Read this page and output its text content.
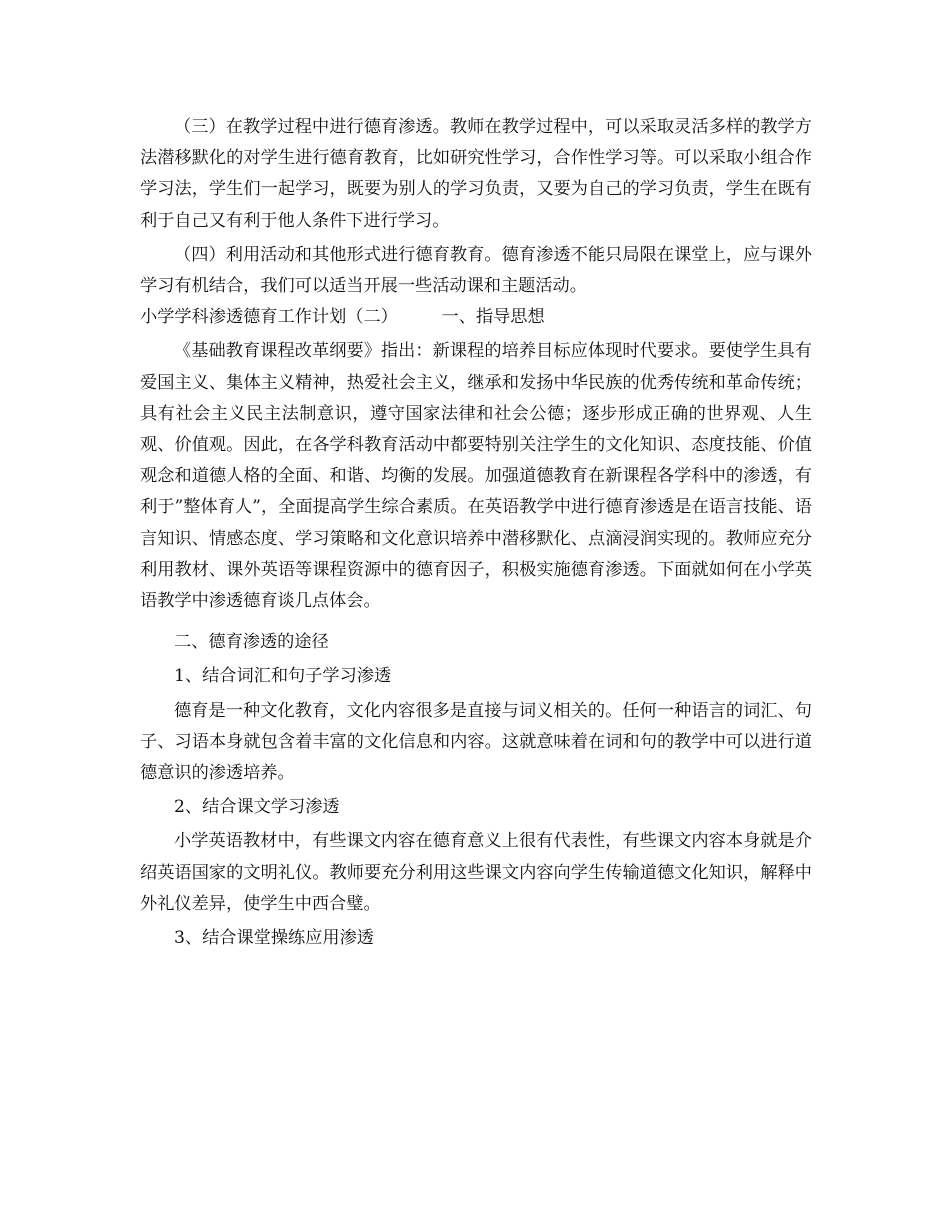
（三）在教学过程中进行德育渗透。教师在教学过程中，可以采取灵活多样的教学方法潜移默化的对学生进行德育教育，比如研究性学习，合作性学习等。可以采取小组合作学习法，学生们一起学习，既要为别人的学习负责，又要为自己的学习负责，学生在既有利于自己又有利于他人条件下进行学习。

（四）利用活动和其他形式进行德育教育。德育渗透不能只局限在课堂上，应与课外学习有机结合，我们可以适当开展一些活动课和主题活动。

小学学科渗透德育工作计划（二）        一、指导思想

《基础教育课程改革纲要》指出：新课程的培养目标应体现时代要求。要使学生具有爱国主义、集体主义精神，热爱社会主义，继承和发扬中华民族的优秀传统和革命传统；具有社会主义民主法制意识，遵守国家法律和社会公德；逐步形成正确的世界观、人生观、价值观。因此，在各学科教育活动中都要特别关注学生的文化知识、态度技能、价值观念和道德人格的全面、和谐、均衡的发展。加强道德教育在新课程各学科中的渗透，有利于”整体育人”，全面提高学生综合素质。在英语教学中进行德育渗透是在语言技能、语言知识、情感态度、学习策略和文化意识培养中潜移默化、点滴浸润实现的。教师应充分利用教材、课外英语等课程资源中的德育因子，积极实施德育渗透。下面就如何在小学英语教学中渗透德育谈几点体会。

二、德育渗透的途径

1、结合词汇和句子学习渗透

德育是一种文化教育，文化内容很多是直接与词义相关的。任何一种语言的词汇、句子、习语本身就包含着丰富的文化信息和内容。这就意味着在词和句的教学中可以进行道德意识的渗透培养。

2、结合课文学习渗透

小学英语教材中，有些课文内容在德育意义上很有代表性，有些课文内容本身就是介绍英语国家的文明礼仪。教师要充分利用这些课文内容向学生传输道德文化知识，解释中外礼仪差异，使学生中西合璧。

3、结合课堂操练应用渗透
